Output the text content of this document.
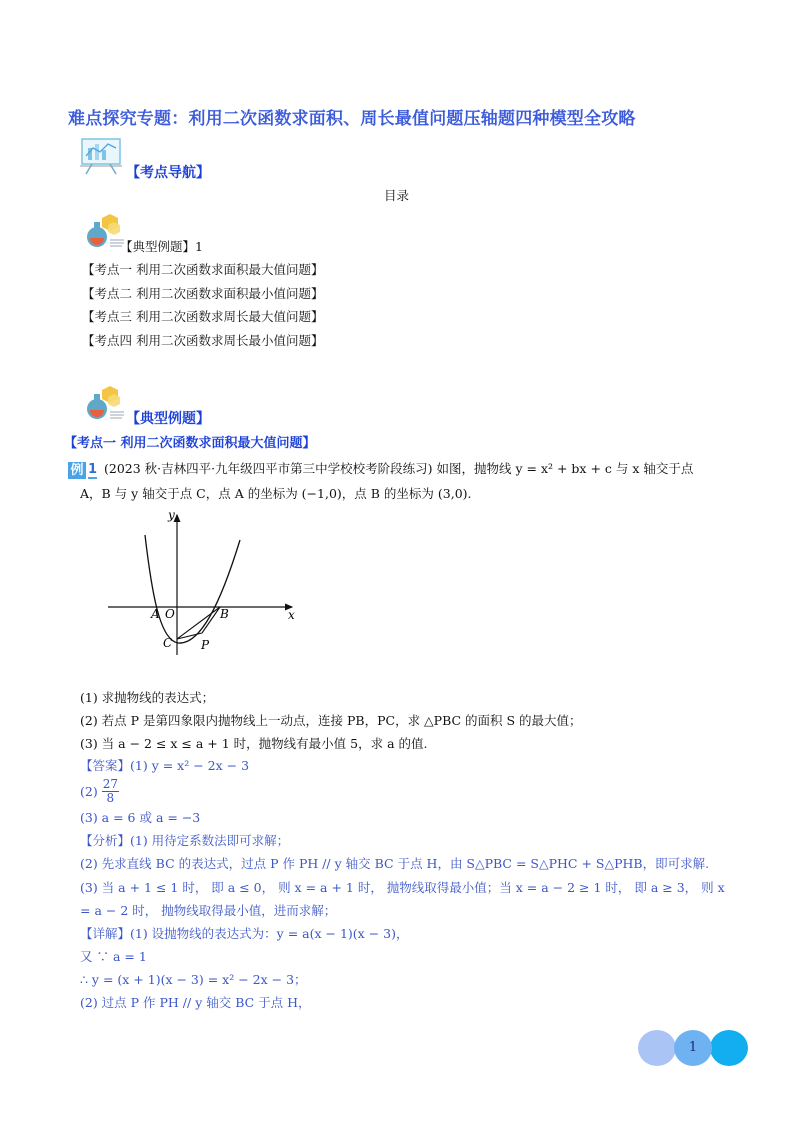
难点探究专题：利用二次函数求面积、周长最值问题压轴题四种模型全攻略
【考点导航】
目录
【典型例题】1
【考点一 利用二次函数求面积最大值问题】
【考点二 利用二次函数求面积最小值问题】
【考点三 利用二次函数求周长最大值问题】
【考点四 利用二次函数求周长最小值问题】
【典型例题】
【考点一 利用二次函数求面积最大值问题】
例 1 (2023 秋·吉林四平·九年级四平市第三中学校校考阶段练习) 如图，抛物线 y = x² + bx + c 与 x 轴交于点
A，B 与 y 轴交于点 C，点 A 的坐标为 (−1,0)，点 B 的坐标为 (3,0).
y
x
A O	B
C P
(1) 求抛物线的表达式；
(2) 若点 P 是第四象限内抛物线上一动点，连接 PB，PC，求 △PBC 的面积 S 的最大值；
(3) 当 a − 2 ≤ x ≤ a + 1 时，抛物线有最小值 5，求 a 的值.
【答案】(1) y = x² − 2x − 3
$(2) \frac{27}{8}$
(3) a = 6 或 a = −3
【分析】(1) 用待定系数法即可求解；
(2) 先求直线 BC 的表达式，过点 P 作 PH // y 轴交 BC 于点 H，由 S△PBC = S△PHC + S△PHB，即可求解.
(3) 当 a + 1 ≤ 1 时， 即 a ≤ 0， 则 x = a + 1 时， 抛物线取得最小值；当 x = a − 2 ≥ 1 时， 即 a ≥ 3， 则 x
= a − 2 时， 抛物线取得最小值，进而求解；
【详解】(1) 设抛物线的表达式为：y = a(x − 1)(x − 3)，
又 ∵ a = 1
∴ y = (x + 1)(x − 3) = x² − 2x − 3；
(2) 过点 P 作 PH // y 轴交 BC 于点 H，
1
